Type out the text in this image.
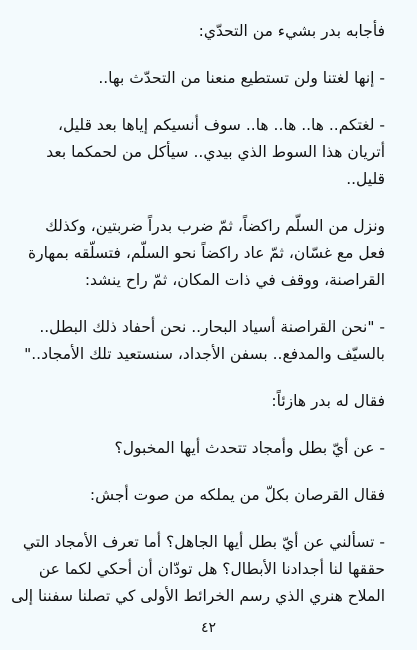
فأجابه بدر بشيء من التحدّي:
- إنها لغتنا ولن تستطيع منعنا من التحدّث بها..
- لغتكم.. ها.. ها.. ها.. سوف أنسيكم إياها بعد قليل،
أتريان هذا السوط الذي بيدي.. سيأكل من لحمكما بعد
قليل..
ونزل من السلّم راكضاً، ثمّ ضرب بدراً ضربتين، وكذلك
فعل مع غسّان، ثمّ عاد راكضاً نحو السلّم، فتسلّقه بمهارة
القراصنة، ووقف في ذات المكان، ثمّ راح ينشد:
- "نحن القراصنة أسياد البحار.. نحن أحفاد ذلك البطل..
بالسيّف والمدفع.. بسفن الأجداد، سنستعيد تلك الأمجاد.."
فقال له بدر هازئاً:
- عن أيّ بطل وأمجاد تتحدث أيها المخبول؟
فقال القرصان بكلّ من يملكه من صوت أجش:
- تسألني عن أيّ بطل أيها الجاهل؟ أما تعرف الأمجاد التي
حققها لنا أجدادنا الأبطال؟ هل تودّان أن أحكي لكما عن
الملاح هنري الذي رسم الخرائط الأولى كي تصلنا سفننا إلى
٤٢
